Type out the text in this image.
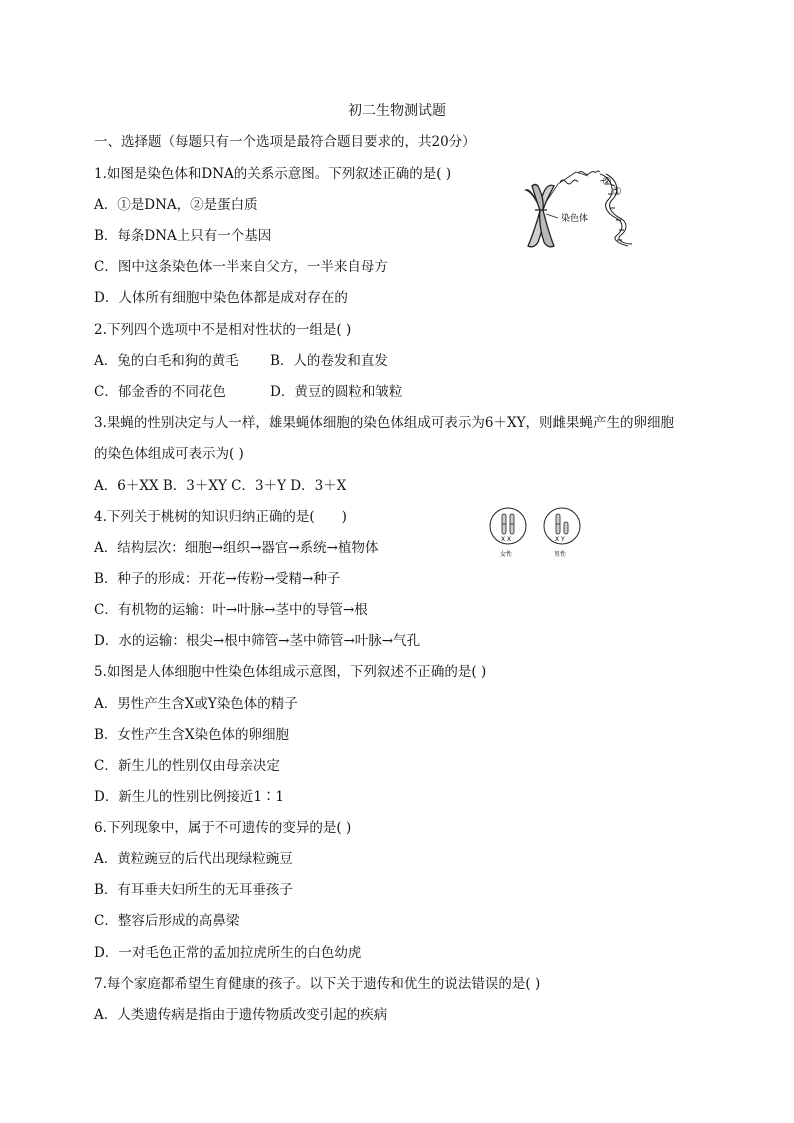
初二生物测试题
一、选择题（每题只有一个选项是最符合题目要求的，共20分）
1.如图是染色体和DNA的关系示意图。下列叙述正确的是( )
A．①是DNA，②是蛋白质
B．每条DNA上只有一个基因
C．图中这条染色体一半来自父方，一半来自母方
D．人体所有细胞中染色体都是成对存在的
染色体
②
①
2.下列四个选项中不是相对性状的一组是( )
A．兔的白毛和狗的黄毛 B．人的卷发和直发
C．郁金香的不同花色	D．黄豆的圆粒和皱粒
3.果蝇的性别决定与人一样，雄果蝇体细胞的染色体组成可表示为6＋XY，则雌果蝇产生的卵细胞
的染色体组成可表示为( )
A．6＋XX B．3＋XY C．3＋Y D．3＋X
4.下列关于桃树的知识归纳正确的是(　　)
A．结构层次：细胞→组织→器官→系统→植物体
B．种子的形成：开花→传粉→受精→种子
C．有机物的运输：叶→叶脉→茎中的导管→根
D．水的运输：根尖→根中筛管→茎中筛管→叶脉→气孔
X X	X Y
女性	男性
5.如图是人体细胞中性染色体组成示意图，下列叙述不正确的是( )
A．男性产生含X或Y染色体的精子
B．女性产生含X染色体的卵细胞
C．新生儿的性别仅由母亲决定
D．新生儿的性别比例接近1∶1
6.下列现象中，属于不可遗传的变异的是( )
A．黄粒豌豆的后代出现绿粒豌豆
B．有耳垂夫妇所生的无耳垂孩子
C．整容后形成的高鼻梁
D．一对毛色正常的孟加拉虎所生的白色幼虎
7.每个家庭都希望生育健康的孩子。以下关于遗传和优生的说法错误的是( )
A．人类遗传病是指由于遗传物质改变引起的疾病
